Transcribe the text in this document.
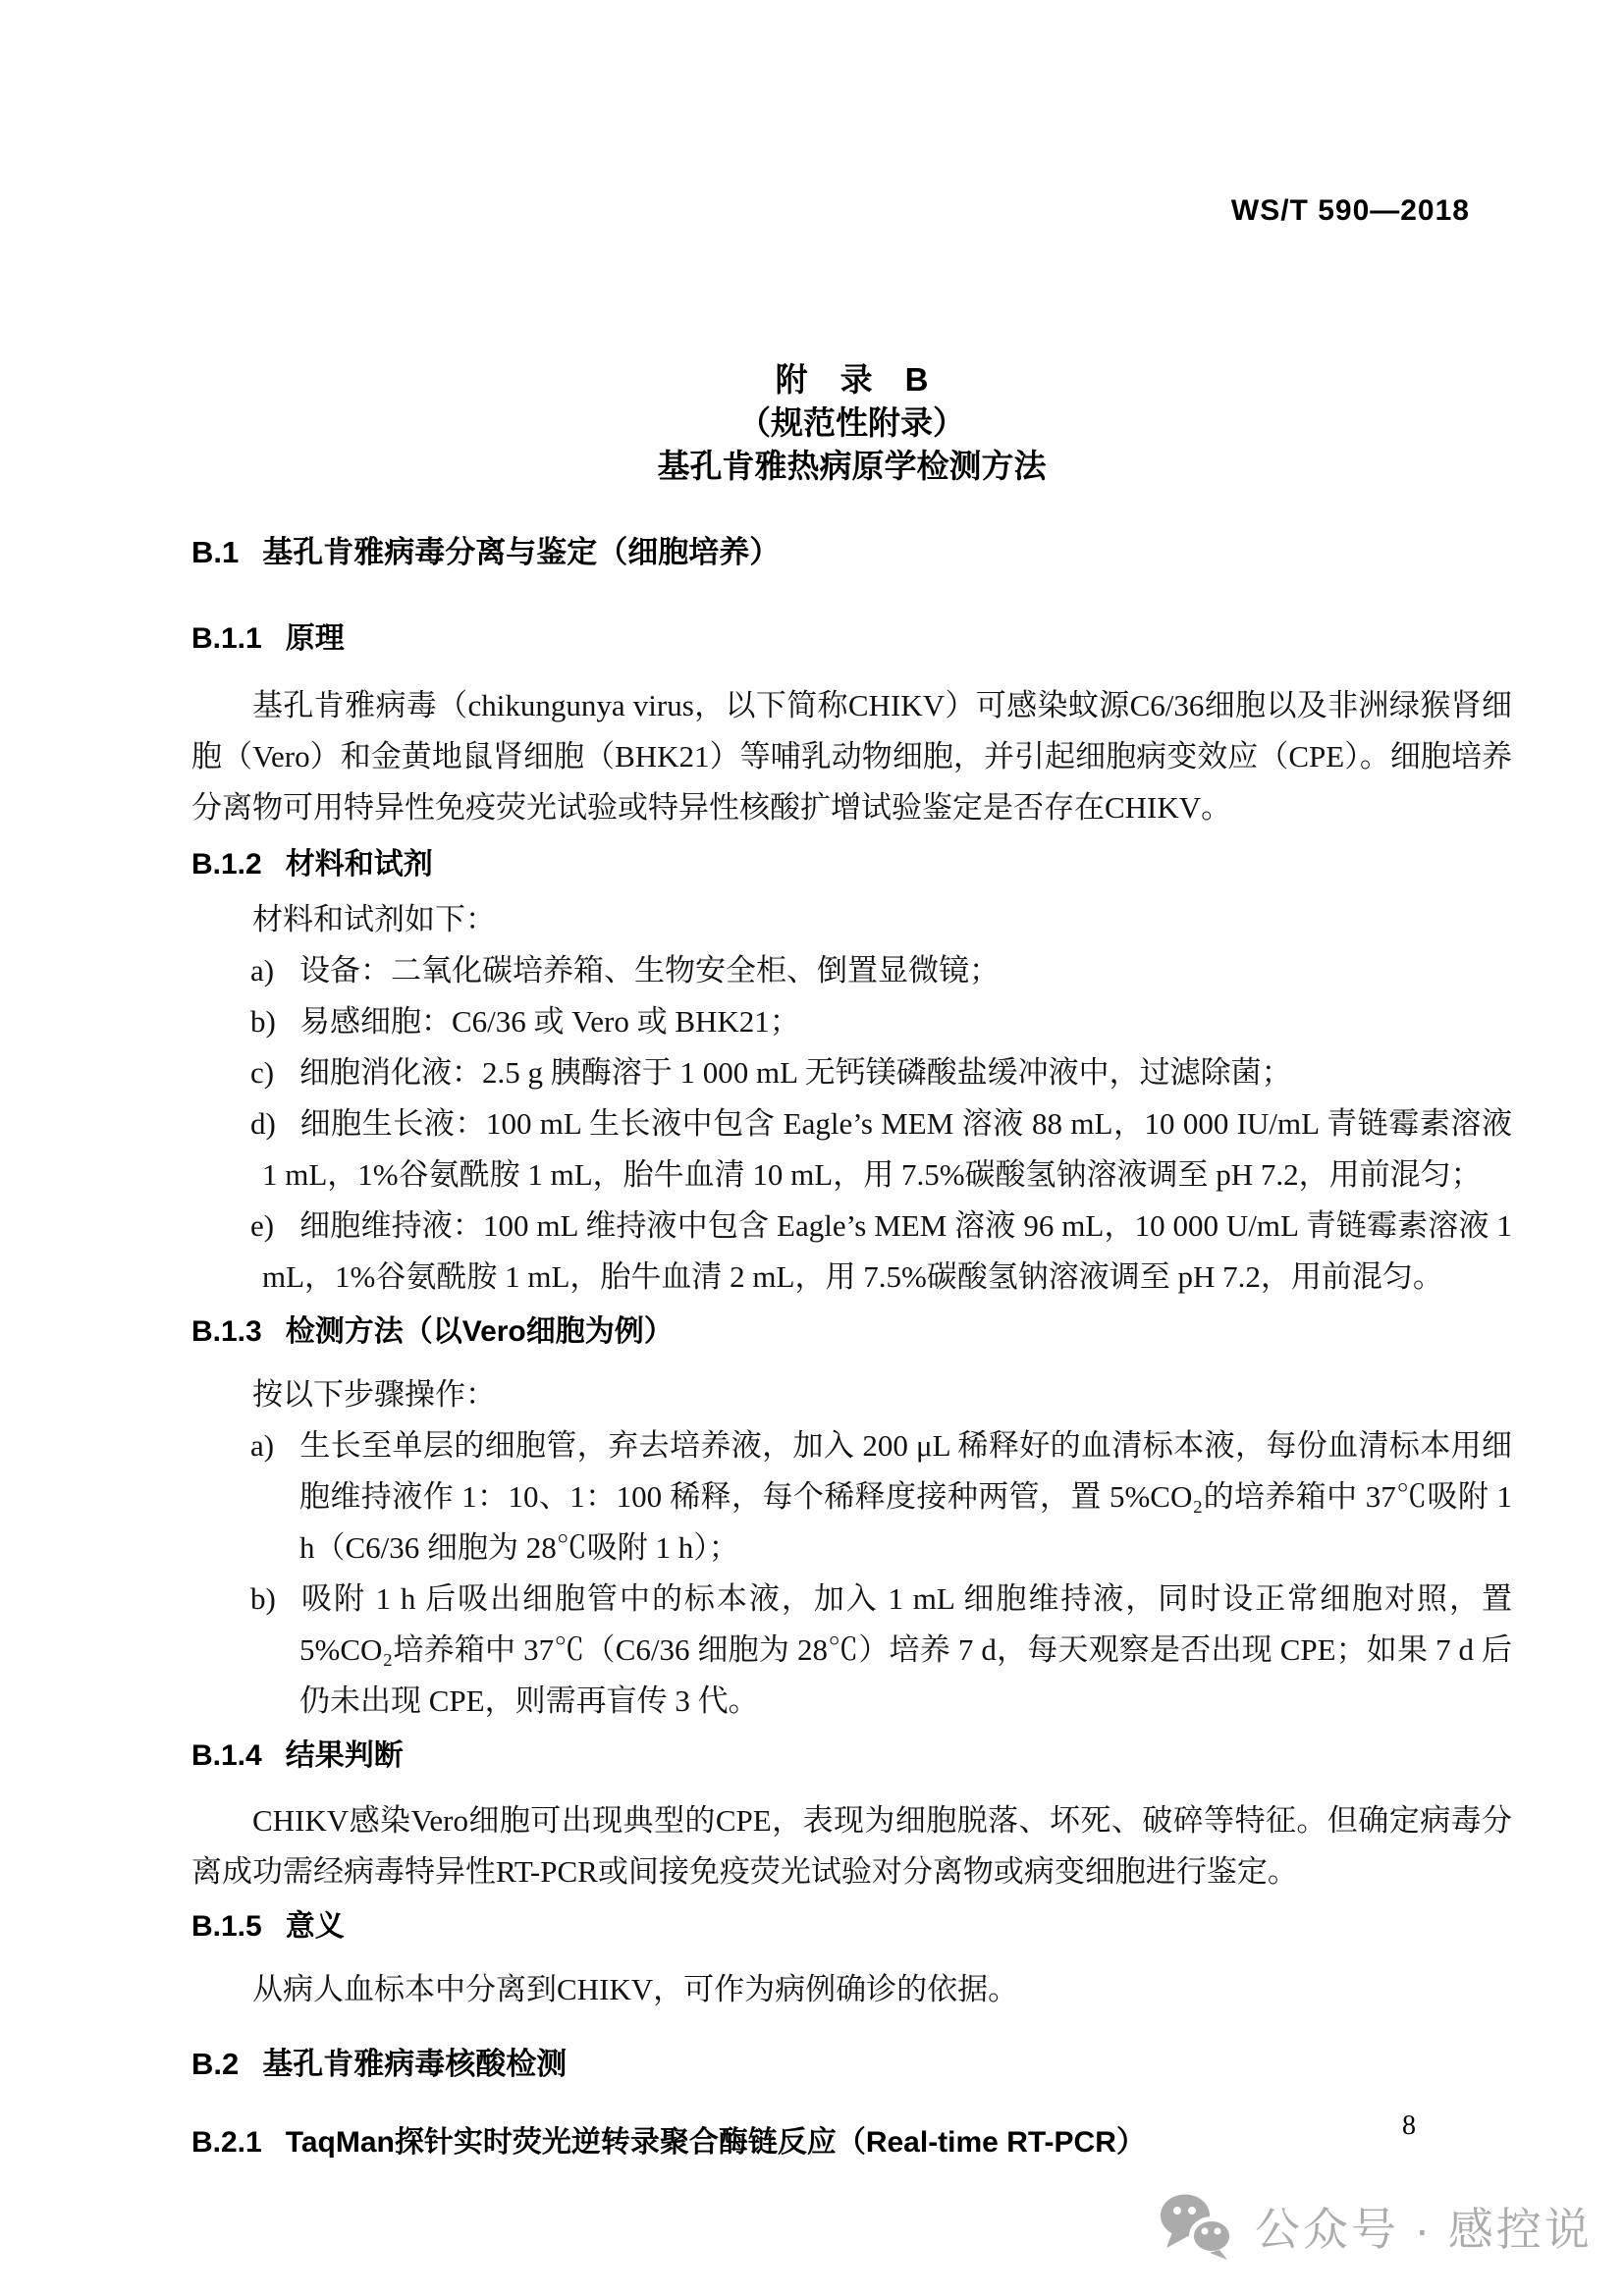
WS/T 590—2018
附　录　B
（规范性附录）
基孔肯雅热病原学检测方法
B.1 基孔肯雅病毒分离与鉴定（细胞培养）
B.1.1 原理

基孔肯雅病毒（chikungunya virus，以下简称CHIKV）可感染蚊源C6/36细胞以及非洲绿猴肾细胞（Vero）和金黄地鼠肾细胞（BHK21）等哺乳动物细胞，并引起细胞病变效应（CPE）。细胞培养分离物可用特异性免疫荧光试验或特异性核酸扩增试验鉴定是否存在CHIKV。

B.1.2 材料和试剂

材料和试剂如下：

a) 设备：二氧化碳培养箱、生物安全柜、倒置显微镜；
b) 易感细胞：C6/36 或 Vero 或 BHK21；
c) 细胞消化液：2.5 g 胰酶溶于 1 000 mL 无钙镁磷酸盐缓冲液中，过滤除菌；
d) 细胞生长液：100 mL 生长液中包含 Eagle’s MEM 溶液 88 mL，10 000 IU/mL 青链霉素溶液 1 mL，1%谷氨酰胺 1 mL，胎牛血清 10 mL，用 7.5%碳酸氢钠溶液调至 pH 7.2，用前混匀；
e) 细胞维持液：100 mL 维持液中包含 Eagle’s MEM 溶液 96 mL，10 000 U/mL 青链霉素溶液 1 mL，1%谷氨酰胺 1 mL，胎牛血清 2 mL，用 7.5%碳酸氢钠溶液调至 pH 7.2，用前混匀。
B.1.3 检测方法（以Vero细胞为例）

按以下步骤操作：

a) 生长至单层的细胞管，弃去培养液，加入 200 μL 稀释好的血清标本液，每份血清标本用细胞维持液作 1：10、1：100 稀释，每个稀释度接种两管，置 5%CO₂的培养箱中 37℃吸附 1 h（C6/36 细胞为 28℃吸附 1 h）；
b) 吸附 1 h 后吸出细胞管中的标本液，加入 1 mL 细胞维持液，同时设正常细胞对照，置 5%CO₂培养箱中 37℃（C6/36 细胞为 28℃）培养 7 d，每天观察是否出现 CPE；如果 7 d 后仍未出现 CPE，则需再盲传 3 代。
B.1.4 结果判断

CHIKV感染Vero细胞可出现典型的CPE，表现为细胞脱落、坏死、破碎等特征。但确定病毒分离成功需经病毒特异性RT-PCR或间接免疫荧光试验对分离物或病变细胞进行鉴定。

B.1.5 意义

从病人血标本中分离到CHIKV，可作为病例确诊的依据。

B.2 基孔肯雅病毒核酸检测
B.2.1 TaqMan探针实时荧光逆转录聚合酶链反应（Real-time RT-PCR）
8
公众号 · 感控说
